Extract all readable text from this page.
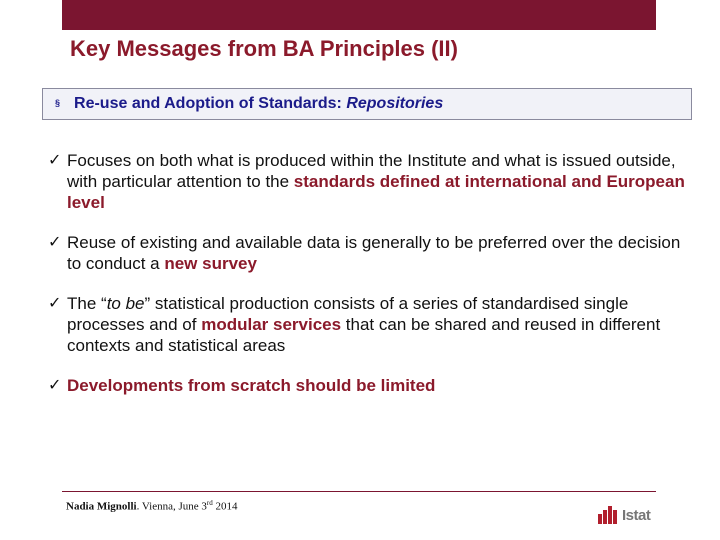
Key Messages from BA Principles (II)
§ Re-use and Adoption of Standards: Repositories
✓ Focuses on both what is produced within the Institute and what is issued outside, with particular attention to the standards defined at international and European level
✓ Reuse of existing and available data is generally to be preferred over the decision to conduct a new survey
✓ The “to be” statistical production consists of a series of standardised single processes and of modular services that can be shared and reused in different contexts and statistical areas
✓ Developments from scratch should be limited
Nadia Mignolli. Vienna, June 3rd 2014	Istat
